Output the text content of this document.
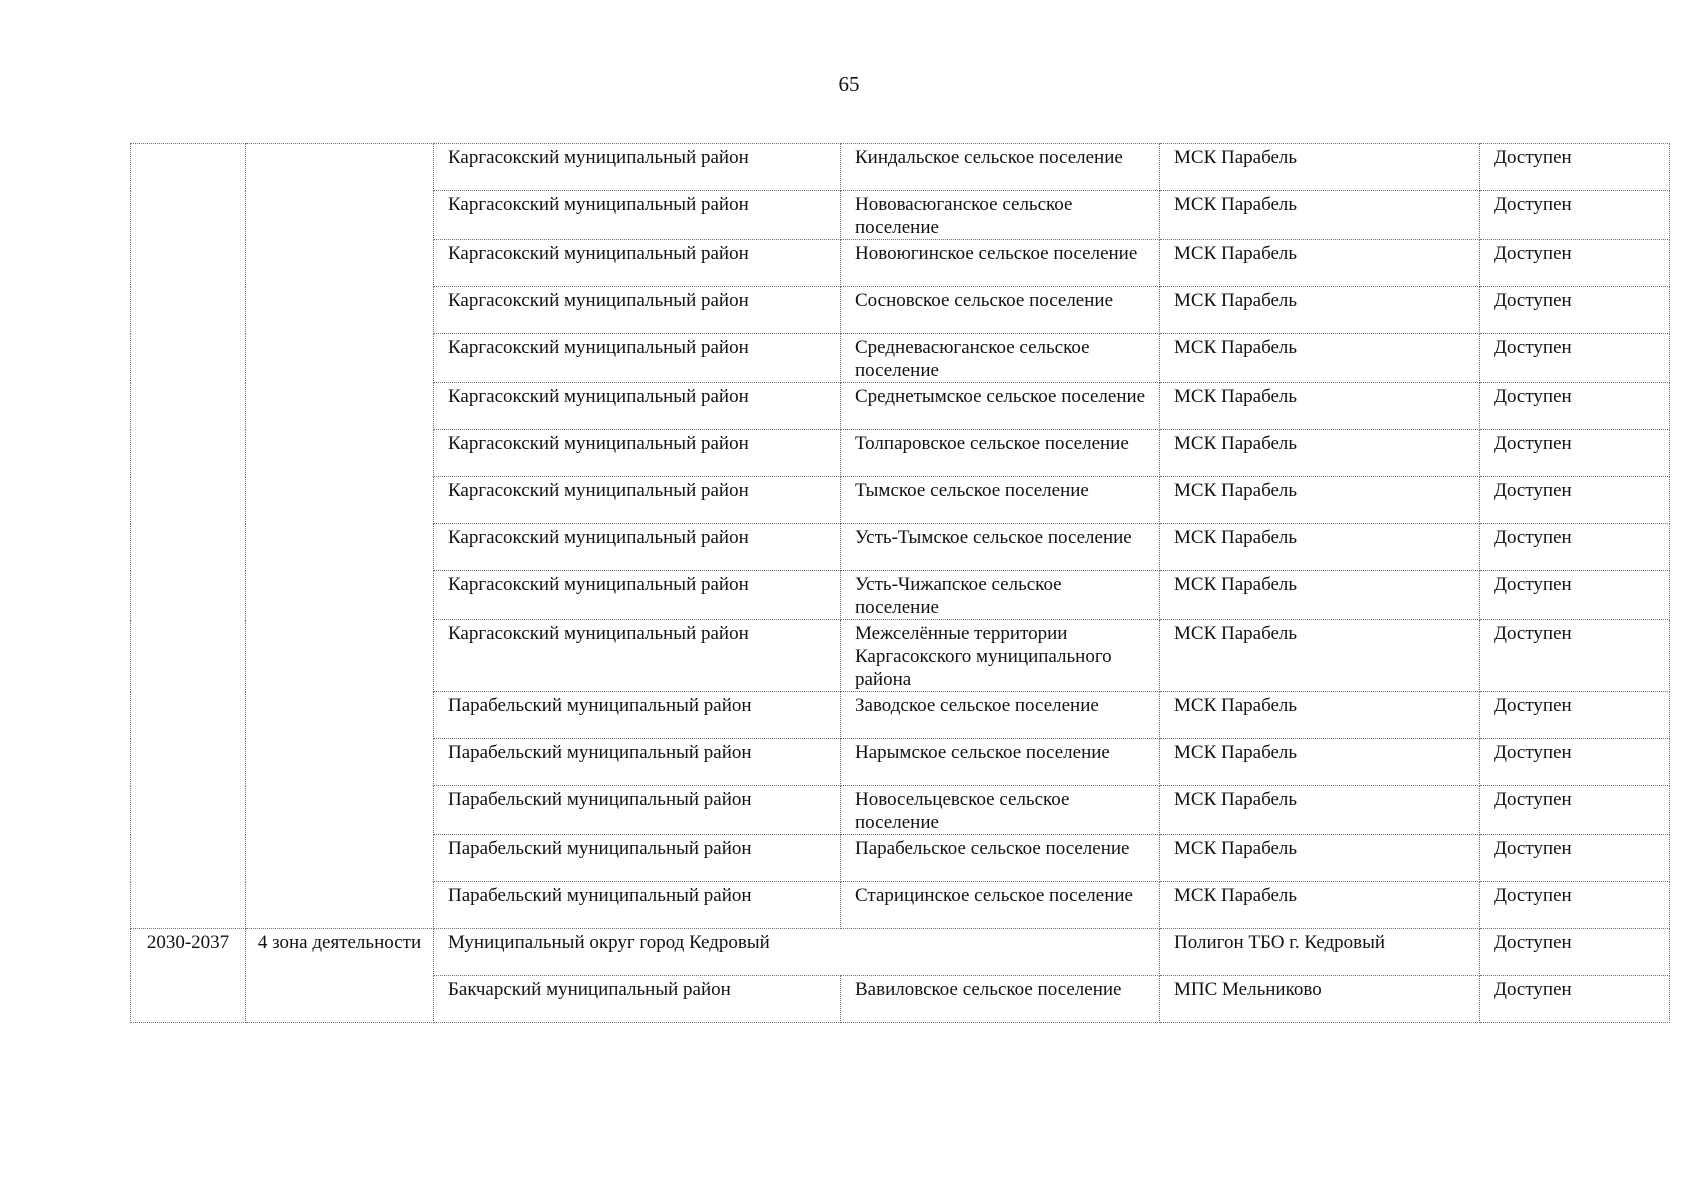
65
		Каргасокский муниципальный район	Киндальское сельское поселение	МСК Парабель	Доступен
		Каргасокский муниципальный район	Нововасюганское сельское поселение	МСК Парабель	Доступен
		Каргасокский муниципальный район	Новоюгинское сельское поселение	МСК Парабель	Доступен
		Каргасокский муниципальный район	Сосновское сельское поселение	МСК Парабель	Доступен
		Каргасокский муниципальный район	Средневасюганское сельское поселение	МСК Парабель	Доступен
		Каргасокский муниципальный район	Среднетымское сельское поселение	МСК Парабель	Доступен
		Каргасокский муниципальный район	Толпаровское сельское поселение	МСК Парабель	Доступен
		Каргасокский муниципальный район	Тымское сельское поселение	МСК Парабель	Доступен
		Каргасокский муниципальный район	Усть-Тымское сельское поселение	МСК Парабель	Доступен
		Каргасокский муниципальный район	Усть-Чижапское сельское поселение	МСК Парабель	Доступен
		Каргасокский муниципальный район	Межселённые территории Каргасокского муниципального района	МСК Парабель	Доступен
		Парабельский муниципальный район	Заводское сельское поселение	МСК Парабель	Доступен
		Парабельский муниципальный район	Нарымское сельское поселение	МСК Парабель	Доступен
		Парабельский муниципальный район	Новосельцевское сельское поселение	МСК Парабель	Доступен
		Парабельский муниципальный район	Парабельское сельское поселение	МСК Парабель	Доступен
		Парабельский муниципальный район	Старицинское сельское поселение	МСК Парабель	Доступен
2030-2037	4 зона деятельности	Муниципальный округ город Кедровый		Полигон ТБО г. Кедровый	Доступен
		Бакчарский муниципальный район	Вавиловское сельское поселение	МПС Мельниково	Доступен
